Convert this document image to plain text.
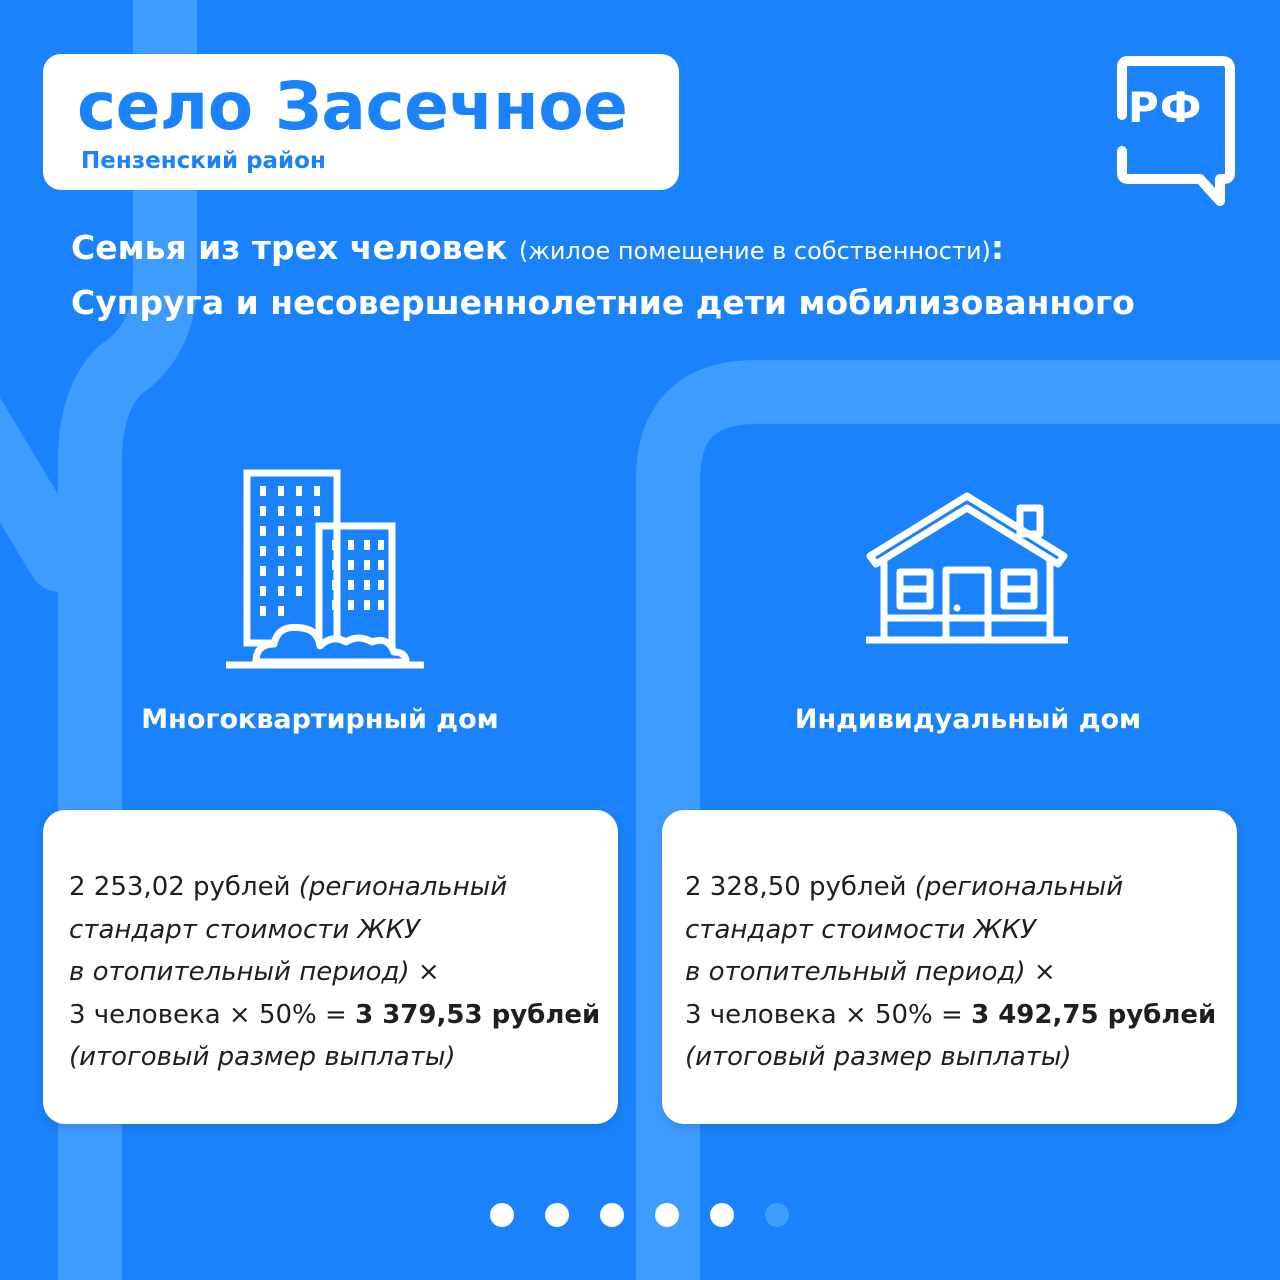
село Засечное
Пензенский район
РФ
Семья из трех человек (жилое помещение в собственности):
Супруга и несовершеннолетние дети мобилизованного
Многоквартирный дом	Индивидуальный дом
2 253,02 рублей (региональный
стандарт стоимости ЖКУ
в отопительный период) ×
3 человека × 50% = 3 379,53 рублей
(итоговый размер выплаты)
2 328,50 рублей (региональный
стандарт стоимости ЖКУ
в отопительный период) ×
3 человека × 50% = 3 492,75 рублей
(итоговый размер выплаты)
